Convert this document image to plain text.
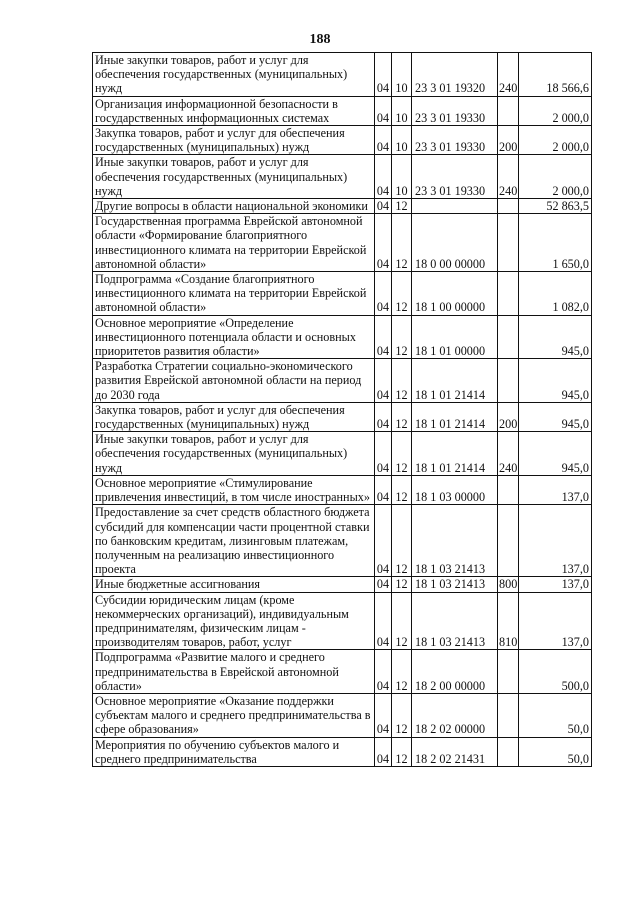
188
Иные закупки товаров, работ и услуг для обеспечения государственных (муниципальных) нужд	04	10	23 3 01 19320	240	18 566,6
Организация информационной безопасности в государственных информационных системах	04	10	23 3 01 19330		2 000,0
Закупка товаров, работ и услуг для обеспечения государственных (муниципальных) нужд	04	10	23 3 01 19330	200	2 000,0
Иные закупки товаров, работ и услуг для обеспечения государственных (муниципальных) нужд	04	10	23 3 01 19330	240	2 000,0
Другие вопросы в области национальной экономики	04	12			52 863,5
Государственная программа Еврейской автономной области «Формирование благоприятного инвестиционного климата на территории Еврейской автономной области»	04	12	18 0 00 00000		1 650,0
Подпрограмма «Создание благоприятного инвестиционного климата на территории Еврейской автономной области»	04	12	18 1 00 00000		1 082,0
Основное мероприятие «Определение инвестиционного потенциала области и основных приоритетов развития области»	04	12	18 1 01 00000		945,0
Разработка Стратегии социально-экономического развития Еврейской автономной области на период до 2030 года	04	12	18 1 01 21414		945,0
Закупка товаров, работ и услуг для обеспечения государственных (муниципальных) нужд	04	12	18 1 01 21414	200	945,0
Иные закупки товаров, работ и услуг для обеспечения государственных (муниципальных) нужд	04	12	18 1 01 21414	240	945,0
Основное мероприятие «Стимулирование привлечения инвестиций, в том числе иностранных»	04	12	18 1 03 00000		137,0
Предоставление за счет средств областного бюджета субсидий для компенсации части процентной ставки по банковским кредитам, лизинговым платежам, полученным на реализацию инвестиционного проекта	04	12	18 1 03 21413		137,0
Иные бюджетные ассигнования	04	12	18 1 03 21413	800	137,0
Субсидии юридическим лицам (кроме некоммерческих организаций), индивидуальным предпринимателям, физическим лицам - производителям товаров, работ, услуг	04	12	18 1 03 21413	810	137,0
Подпрограмма «Развитие малого и среднего предпринимательства в Еврейской автономной области»	04	12	18 2 00 00000		500,0
Основное мероприятие «Оказание поддержки субъектам малого и среднего предпринимательства в сфере образования»	04	12	18 2 02 00000		50,0
Мероприятия по обучению субъектов малого и среднего предпринимательства	04	12	18 2 02 21431		50,0
